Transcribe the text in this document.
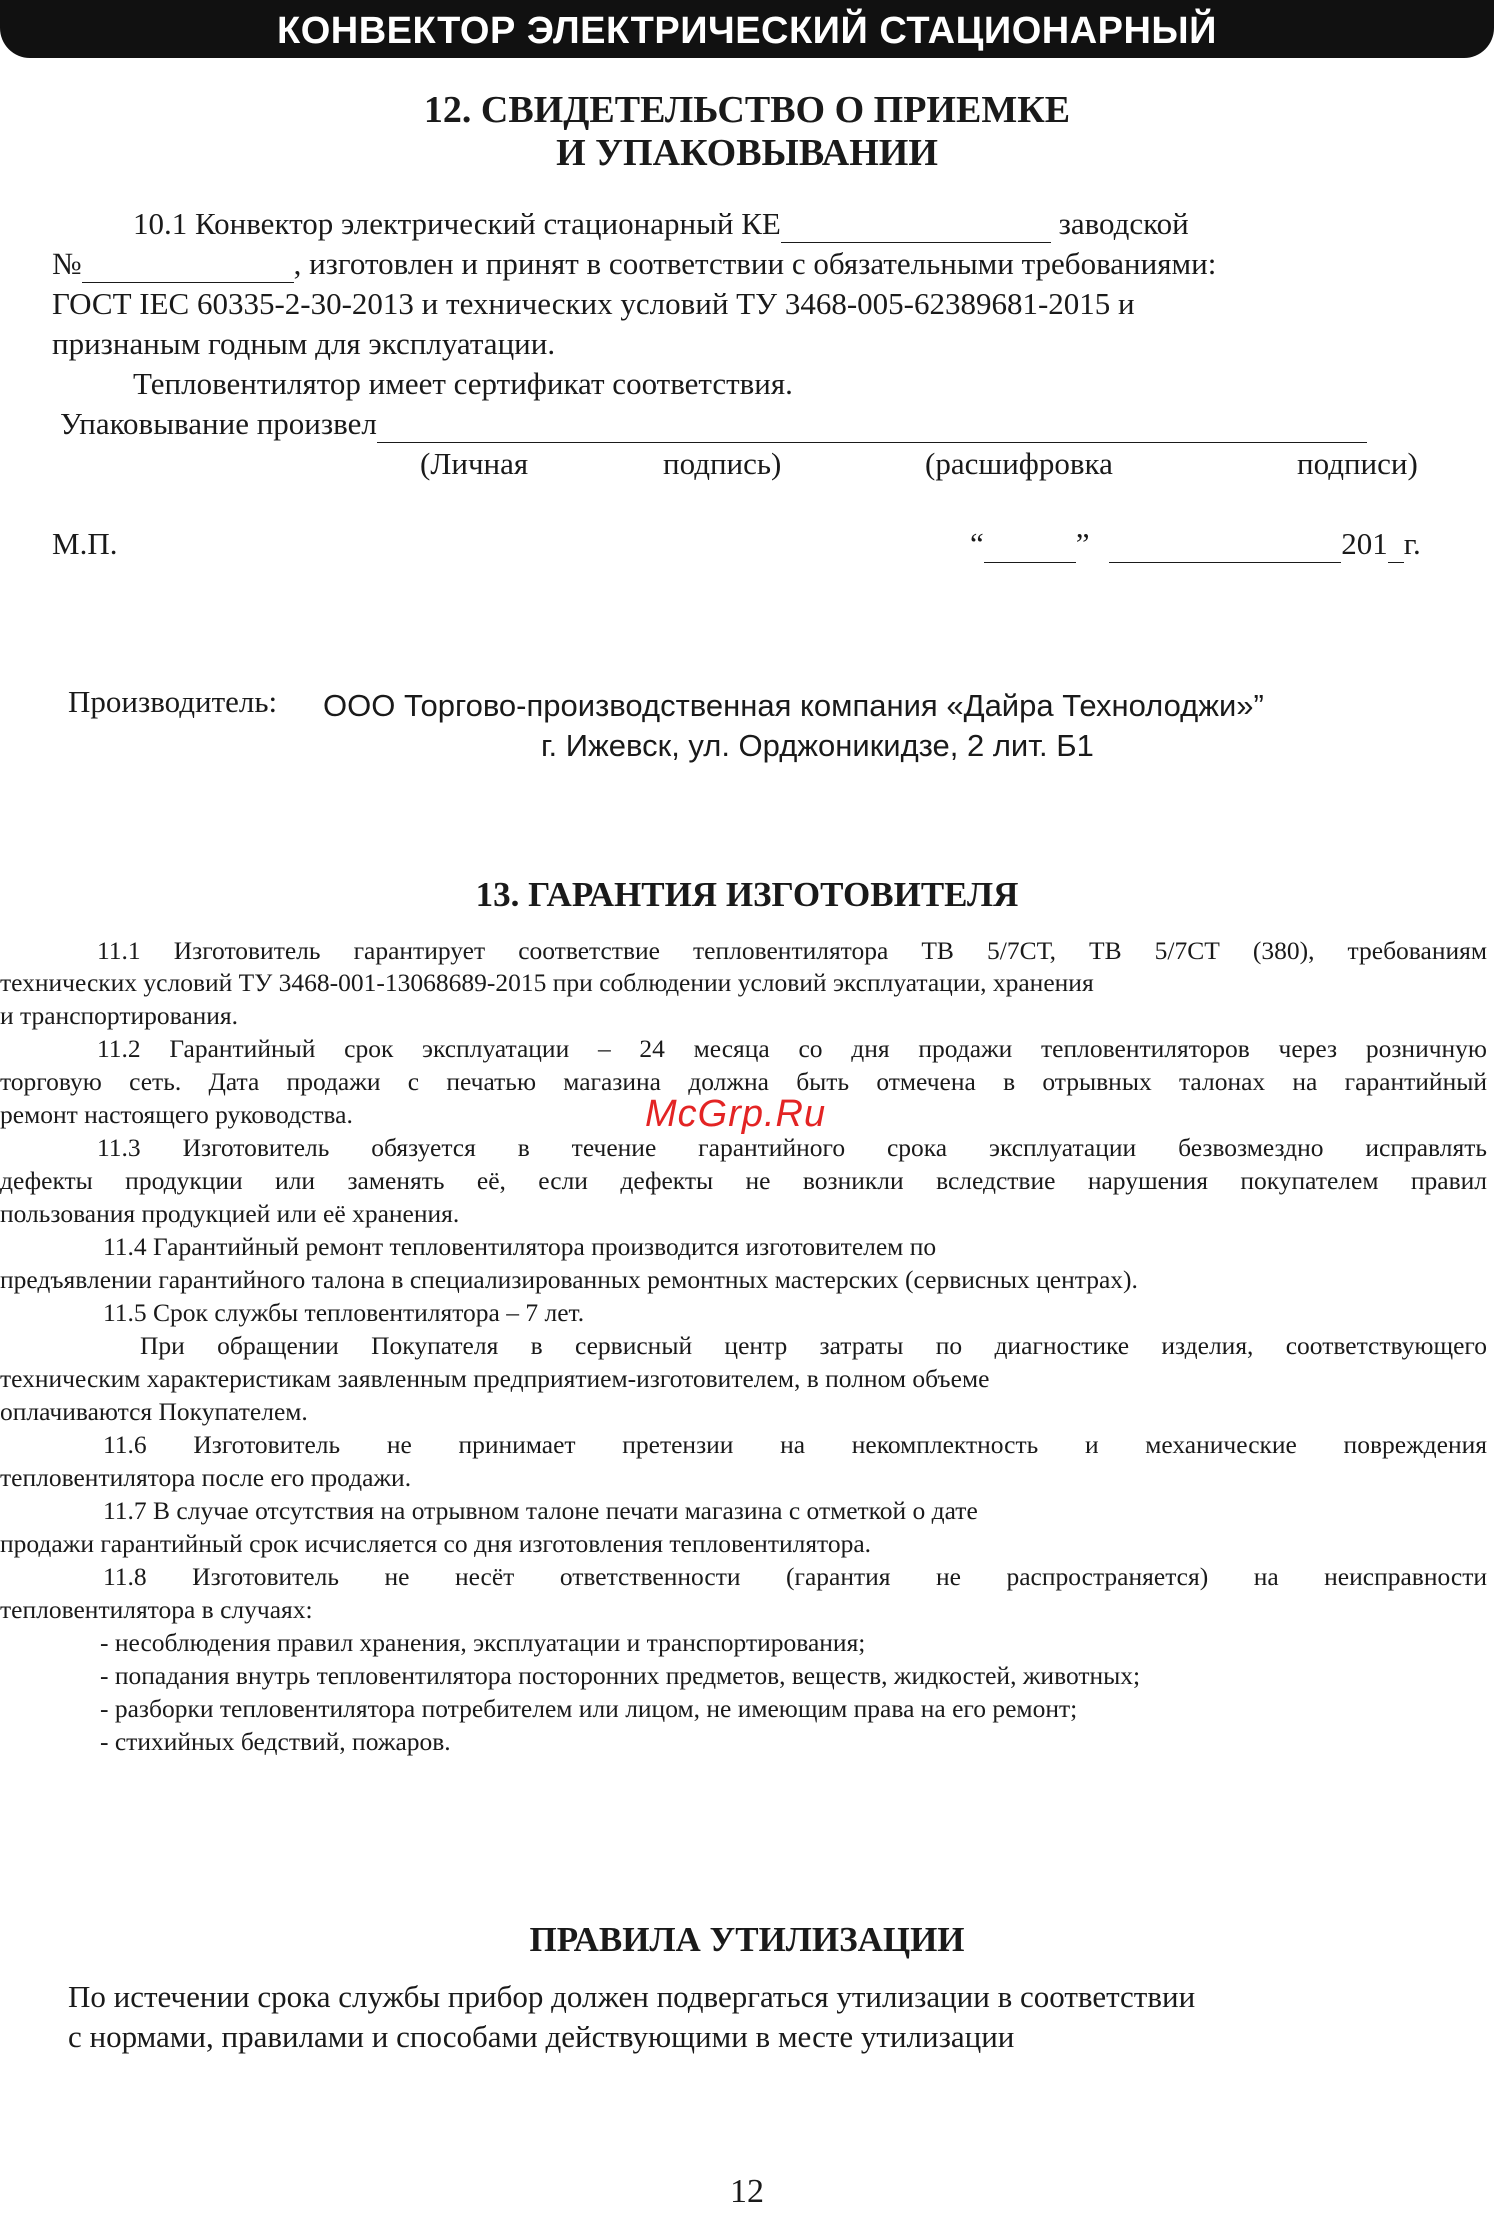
КОНВЕКТОР ЭЛЕКТРИЧЕСКИЙ СТАЦИОНАРНЫЙ
12. СВИДЕТЕЛЬСТВО О ПРИЕМКЕ
И УПАКОВЫВАНИИ
10.1 Конвектор электрический стационарный КЕ	заводской
№	, изготовлен и принят в соответствии с обязательными требованиями:
ГОСТ IEC 60335-2-30-2013 и технических условий ТУ 3468-005-62389681-2015 и
признаным годным для эксплуатации.
Тепловентилятор имеет сертификат соответствия.
Упаковывание произвел
(Личная	подпись)	(расшифровка	подписи)
М.П.	“	”	201 г.
Производитель: ООО Торгово-производственная компания «Дайра Технолоджи»”
г. Ижевск, ул. Орджоникидзе, 2 лит. Б1
13. ГАРАНТИЯ ИЗГОТОВИТЕЛЯ
11.1 Изготовитель гарантирует соответствие тепловентилятора ТВ 5/7СТ, ТВ 5/7СТ (380), требованиям
технических условий ТУ 3468-001-13068689-2015 при соблюдении условий эксплуатации, хранения
и транспортирования.
11.2 Гарантийный срок эксплуатации – 24 месяца со дня продажи тепловентиляторов через розничную
торговую сеть. Дата продажи с печатью магазина должна быть отмечена в отрывных талонах на гарантийный
ремонт настоящего руководства.
11.3 Изготовитель обязуется в течение гарантийного срока эксплуатации безвозмездно исправлять
дефекты продукции или заменять её, если дефекты не возникли вследствие нарушения покупателем правил
пользования продукцией или её хранения.
11.4 Гарантийный ремонт тепловентилятора производится изготовителем по
предъявлении гарантийного талона в специализированных ремонтных мастерских (сервисных центрах).
11.5 Срок службы тепловентилятора – 7 лет.
При обращении Покупателя в сервисный центр затраты по диагностике изделия, соответствующего
техническим характеристикам заявленным предприятием-изготовителем, в полном объеме
оплачиваются Покупателем.
11.6 Изготовитель не принимает претензии на некомплектность и механические повреждения
тепловентилятора после его продажи.
11.7 В случае отсутствия на отрывном талоне печати магазина с отметкой о дате
продажи гарантийный срок исчисляется со дня изготовления тепловентилятора.
11.8 Изготовитель не несёт ответственности (гарантия не распространяется) на неисправности
тепловентилятора в случаях:
- несоблюдения правил хранения, эксплуатации и транспортирования;
- попадания внутрь тепловентилятора посторонних предметов, веществ, жидкостей, животных;
- разборки тепловентилятора потребителем или лицом, не имеющим права на его ремонт;
- стихийных бедствий, пожаров.
McGrp.Ru
ПРАВИЛА УТИЛИЗАЦИИ
По истечении срока службы прибор должен подвергаться утилизации в соответствии
с нормами, правилами и способами действующими в месте утилизации
12
